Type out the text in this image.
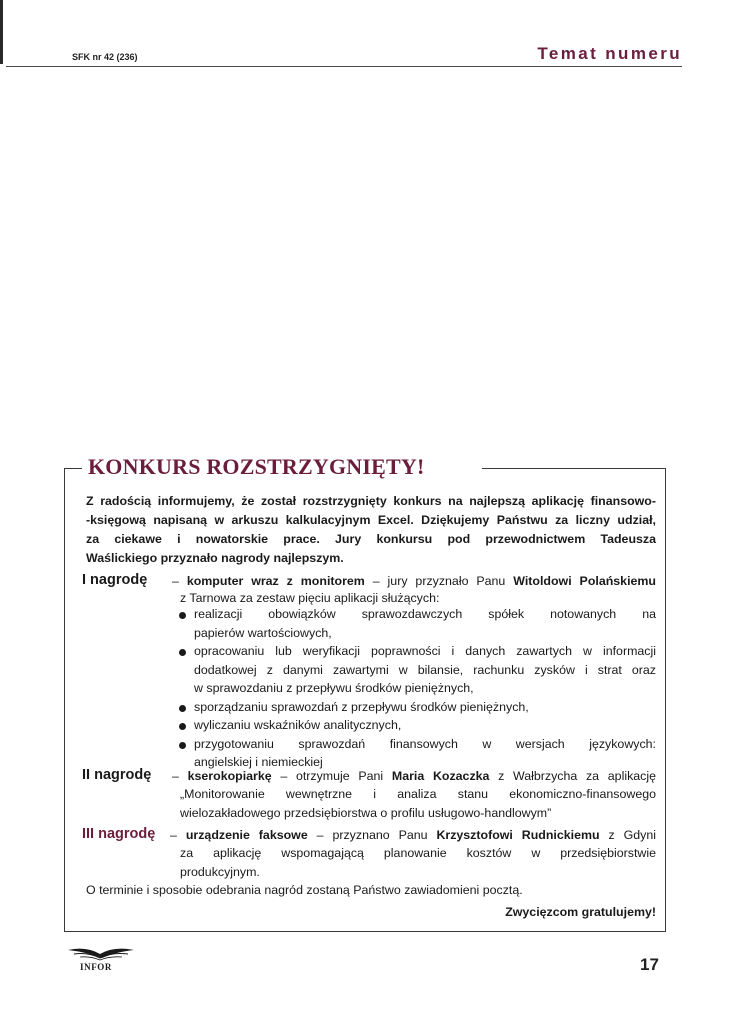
SFK nr 42 (236)	Temat numeru
KONKURS ROZSTRZYGNIĘTY!
Z radością informujemy, że został rozstrzygnięty konkurs na najlepszą aplikację finansowo-
-księgową napisaną w arkuszu kalkulacyjnym Excel. Dziękujemy Państwu za liczny udział,
za ciekawe i nowatorskie prace. Jury konkursu pod przewodnictwem Tadeusza
Waślickiego przyznało nagrody najlepszym.
I nagrodę – komputer wraz z monitorem – jury przyznało Panu Witoldowi Polańskiemu
z Tarnowa za zestaw pięciu aplikacji służących:
realizacji obowiązków sprawozdawczych spółek notowanych na
papierów wartościowych,
opracowaniu lub weryfikacji poprawności i danych zawartych w informacji
dodatkowej z danymi zawartymi w bilansie, rachunku zysków i strat oraz
w sprawozdaniu z przepływu środków pieniężnych,
sporządzaniu sprawozdań z przepływu środków pieniężnych,
wyliczaniu wskaźników analitycznych,
przygotowaniu sprawozdań finansowych w wersjach językowych:
angielskiej i niemieckiej
II nagrodę – kserokopiarkę – otrzymuje Pani Maria Kozaczka z Wałbrzycha za aplikację
„Monitorowanie wewnętrzne i analiza stanu ekonomiczno-finansowego
wielozakładowego przedsiębiorstwa o profilu usługowo-handlowym”
III nagrodę – urządzenie faksowe – przyznano Panu Krzysztofowi Rudnickiemu z Gdyni
za aplikację wspomagającą planowanie kosztów w przedsiębiorstwie
produkcyjnym.
O terminie i sposobie odebrania nagród zostaną Państwo zawiadomieni pocztą.
Zwycięzcom gratulujemy!
INFOR	17
